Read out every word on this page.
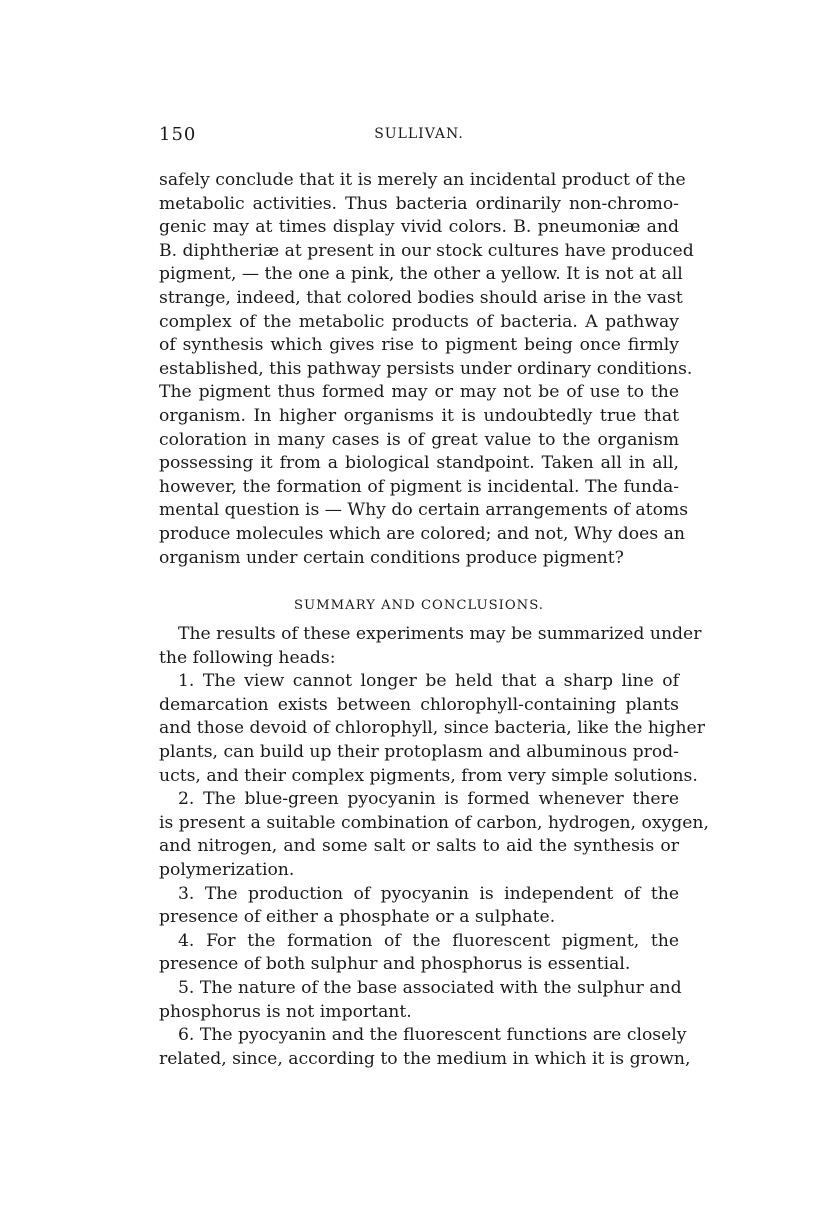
150	SULLIVAN.
safely conclude that it is merely an incidental product of the
metabolic activities. Thus bacteria ordinarily non-chromo-
genic may at times display vivid colors. B. pneumoniæ and
B. diphtheriæ at present in our stock cultures have produced
pigment, — the one a pink, the other a yellow. It is not at all
strange, indeed, that colored bodies should arise in the vast
complex of the metabolic products of bacteria. A pathway
of synthesis which gives rise to pigment being once firmly
established, this pathway persists under ordinary conditions.
The pigment thus formed may or may not be of use to the
organism. In higher organisms it is undoubtedly true that
coloration in many cases is of great value to the organism
possessing it from a biological standpoint. Taken all in all,
however, the formation of pigment is incidental. The funda-
mental question is — Why do certain arrangements of atoms
produce molecules which are colored; and not, Why does an
organism under certain conditions produce pigment?
SUMMARY AND CONCLUSIONS.
The results of these experiments may be summarized under
the following heads:
1. The view cannot longer be held that a sharp line of
demarcation exists between chlorophyll-containing plants
and those devoid of chlorophyll, since bacteria, like the higher
plants, can build up their protoplasm and albuminous prod-
ucts, and their complex pigments, from very simple solutions.
2. The blue-green pyocyanin is formed whenever there
is present a suitable combination of carbon, hydrogen, oxygen,
and nitrogen, and some salt or salts to aid the synthesis or
polymerization.
3. The production of pyocyanin is independent of the
presence of either a phosphate or a sulphate.
4. For the formation of the fluorescent pigment, the
presence of both sulphur and phosphorus is essential.
5. The nature of the base associated with the sulphur and
phosphorus is not important.
6. The pyocyanin and the fluorescent functions are closely
related, since, according to the medium in which it is grown,
